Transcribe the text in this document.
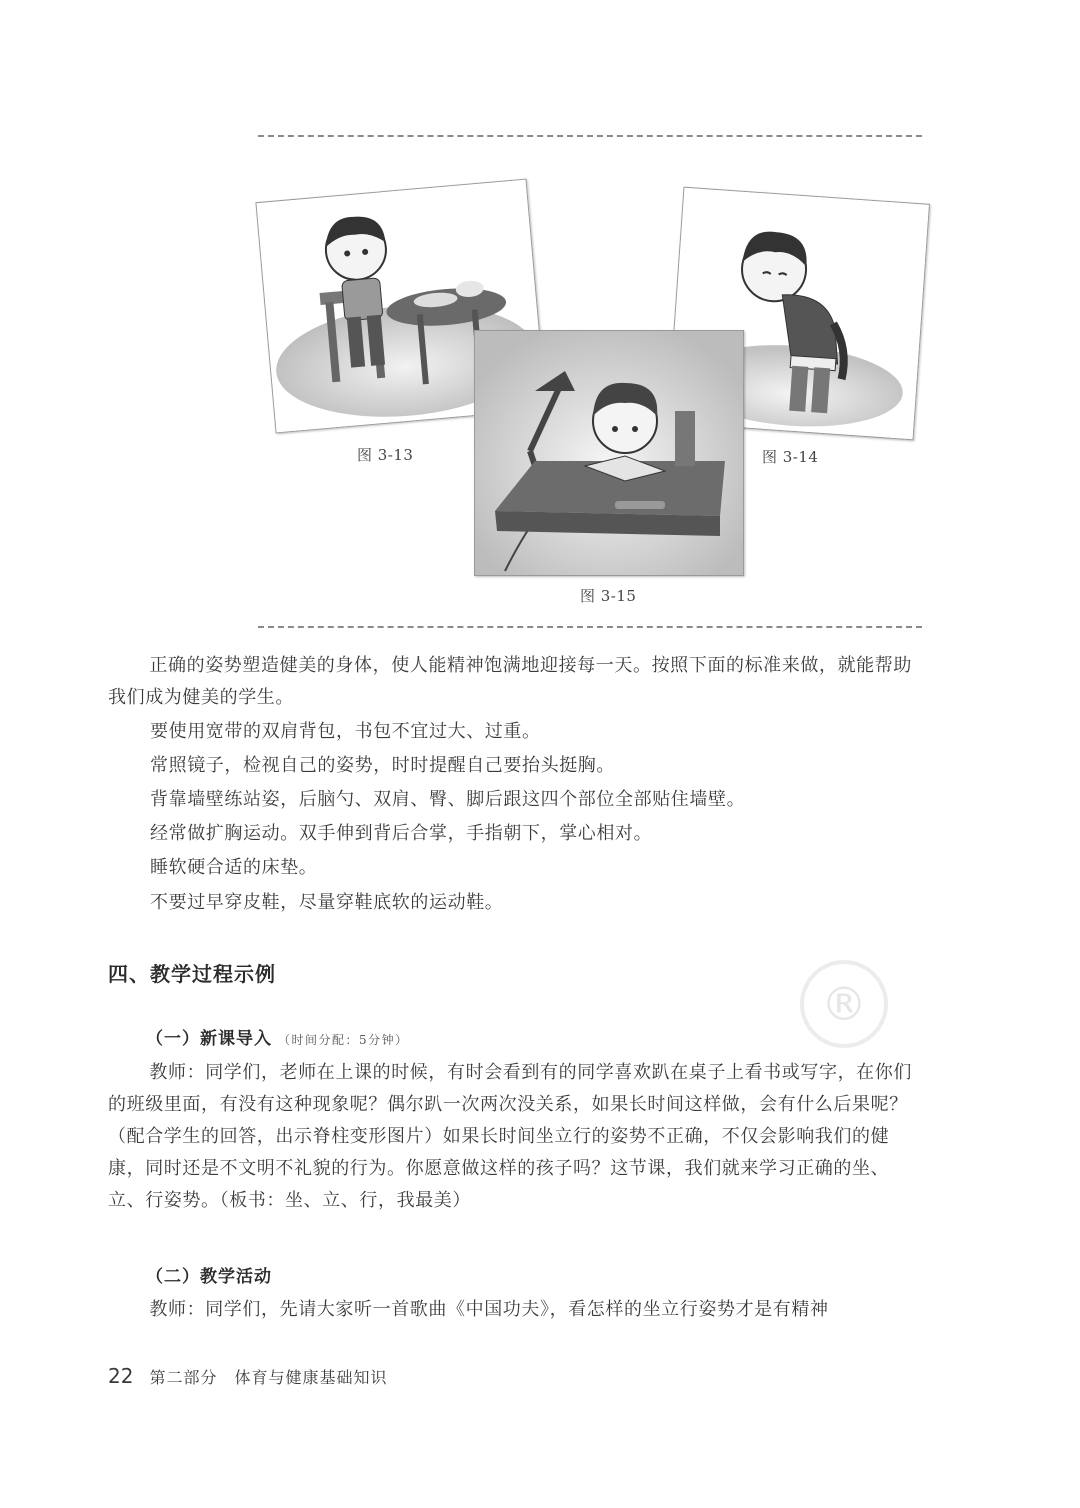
图 3-13	图 3-14
图 3-15
正确的姿势塑造健美的身体，使人能精神饱满地迎接每一天。按照下面的标准来做，就能帮助我们成为健美的学生。
要使用宽带的双肩背包，书包不宜过大、过重。
常照镜子，检视自己的姿势，时时提醒自己要抬头挺胸。
背靠墙壁练站姿，后脑勺、双肩、臀、脚后跟这四个部位全部贴住墙壁。
经常做扩胸运动。双手伸到背后合掌，手指朝下，掌心相对。
睡软硬合适的床垫。
不要过早穿皮鞋，尽量穿鞋底软的运动鞋。
®
四、教学过程示例
（一）新课导入 （时间分配：5分钟）
教师：同学们，老师在上课的时候，有时会看到有的同学喜欢趴在桌子上看书或写字，在你们的班级里面，有没有这种现象呢？偶尔趴一次两次没关系，如果长时间这样做，会有什么后果呢？（配合学生的回答，出示脊柱变形图片）如果长时间坐立行的姿势不正确，不仅会影响我们的健康，同时还是不文明不礼貌的行为。你愿意做这样的孩子吗？这节课，我们就来学习正确的坐、立、行姿势。（板书：坐、立、行，我最美）
（二）教学活动
教师：同学们，先请大家听一首歌曲《中国功夫》，看怎样的坐立行姿势才是有精神
22 第二部分　体育与健康基础知识
